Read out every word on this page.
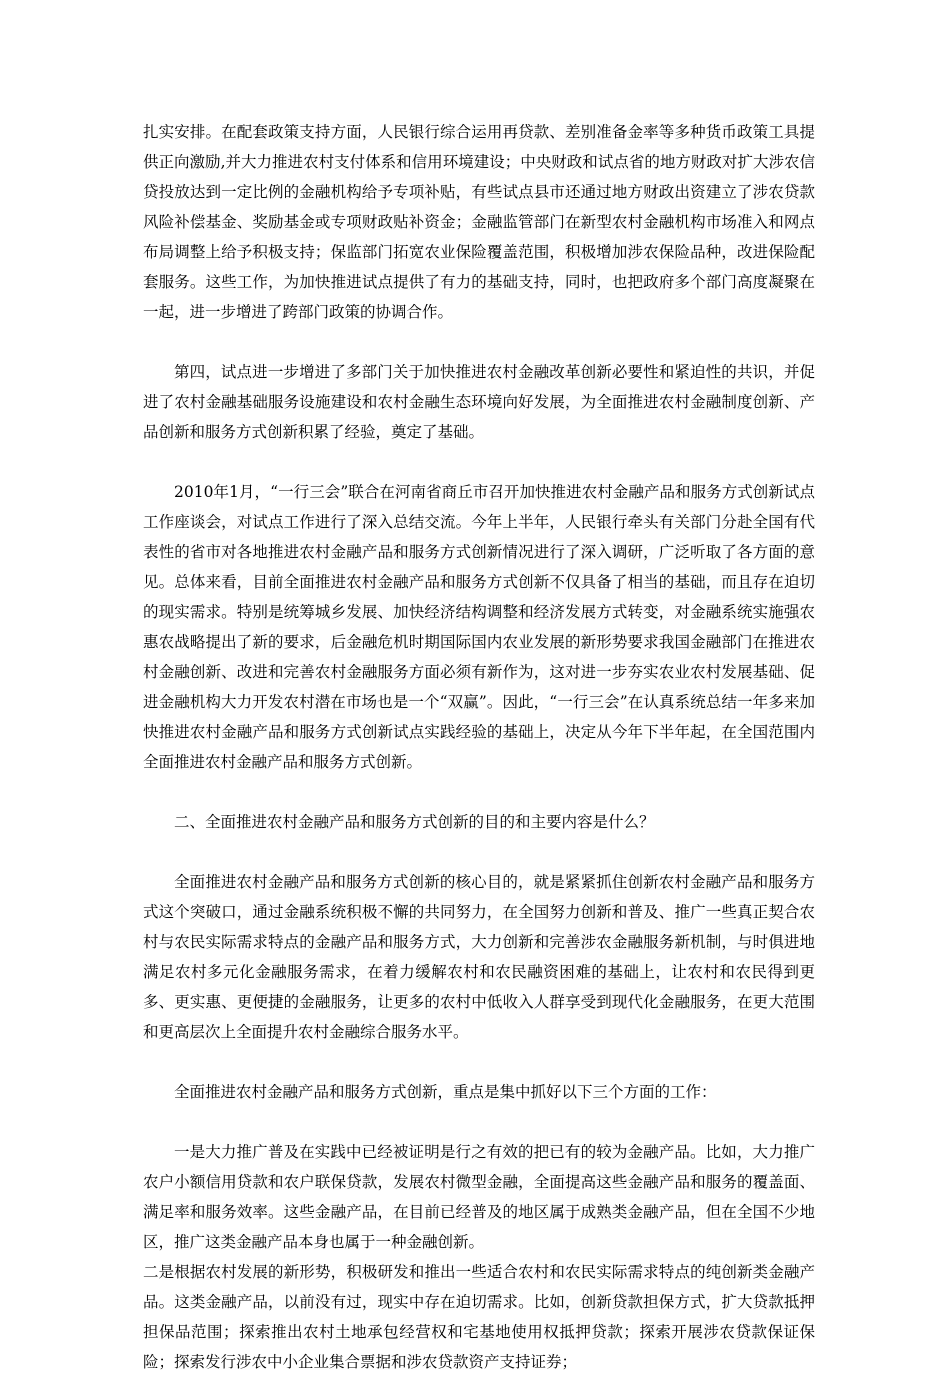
扎实安排。在配套政策支持方面，人民银行综合运用再贷款、差别准备金率等多种货币政策工具提供正向激励,并大力推进农村支付体系和信用环境建设；中央财政和试点省的地方财政对扩大涉农信贷投放达到一定比例的金融机构给予专项补贴，有些试点县市还通过地方财政出资建立了涉农贷款风险补偿基金、奖励基金或专项财政贴补资金；金融监管部门在新型农村金融机构市场准入和网点布局调整上给予积极支持；保监部门拓宽农业保险覆盖范围，积极增加涉农保险品种，改进保险配套服务。这些工作，为加快推进试点提供了有力的基础支持，同时，也把政府多个部门高度凝聚在一起，进一步增进了跨部门政策的协调合作。

第四，试点进一步增进了多部门关于加快推进农村金融改革创新必要性和紧迫性的共识，并促进了农村金融基础服务设施建设和农村金融生态环境向好发展，为全面推进农村金融制度创新、产品创新和服务方式创新积累了经验，奠定了基础。

2010年1月，“一行三会”联合在河南省商丘市召开加快推进农村金融产品和服务方式创新试点工作座谈会，对试点工作进行了深入总结交流。今年上半年，人民银行牵头有关部门分赴全国有代表性的省市对各地推进农村金融产品和服务方式创新情况进行了深入调研，广泛听取了各方面的意见。总体来看，目前全面推进农村金融产品和服务方式创新不仅具备了相当的基础，而且存在迫切的现实需求。特别是统筹城乡发展、加快经济结构调整和经济发展方式转变，对金融系统实施强农惠农战略提出了新的要求，后金融危机时期国际国内农业发展的新形势要求我国金融部门在推进农村金融创新、改进和完善农村金融服务方面必须有新作为，这对进一步夯实农业农村发展基础、促进金融机构大力开发农村潜在市场也是一个“双赢”。因此，“一行三会”在认真系统总结一年多来加快推进农村金融产品和服务方式创新试点实践经验的基础上，决定从今年下半年起，在全国范围内全面推进农村金融产品和服务方式创新。

二、全面推进农村金融产品和服务方式创新的目的和主要内容是什么？

全面推进农村金融产品和服务方式创新的核心目的，就是紧紧抓住创新农村金融产品和服务方式这个突破口，通过金融系统积极不懈的共同努力，在全国努力创新和普及、推广一些真正契合农村与农民实际需求特点的金融产品和服务方式，大力创新和完善涉农金融服务新机制，与时俱进地满足农村多元化金融服务需求，在着力缓解农村和农民融资困难的基础上，让农村和农民得到更多、更实惠、更便捷的金融服务，让更多的农村中低收入人群享受到现代化金融服务，在更大范围和更高层次上全面提升农村金融综合服务水平。

全面推进农村金融产品和服务方式创新，重点是集中抓好以下三个方面的工作：

一是大力推广普及在实践中已经被证明是行之有效的把已有的较为金融产品。比如，大力推广农户小额信用贷款和农户联保贷款，发展农村微型金融，全面提高这些金融产品和服务的覆盖面、满足率和服务效率。这些金融产品，在目前已经普及的地区属于成熟类金融产品，但在全国不少地区，推广这类金融产品本身也属于一种金融创新。

二是根据农村发展的新形势，积极研发和推出一些适合农村和农民实际需求特点的纯创新类金融产品。这类金融产品，以前没有过，现实中存在迫切需求。比如，创新贷款担保方式，扩大贷款抵押担保品范围；探索推出农村土地承包经营权和宅基地使用权抵押贷款；探索开展涉农贷款保证保险；探索发行涉农中小企业集合票据和涉农贷款资产支持证券；
